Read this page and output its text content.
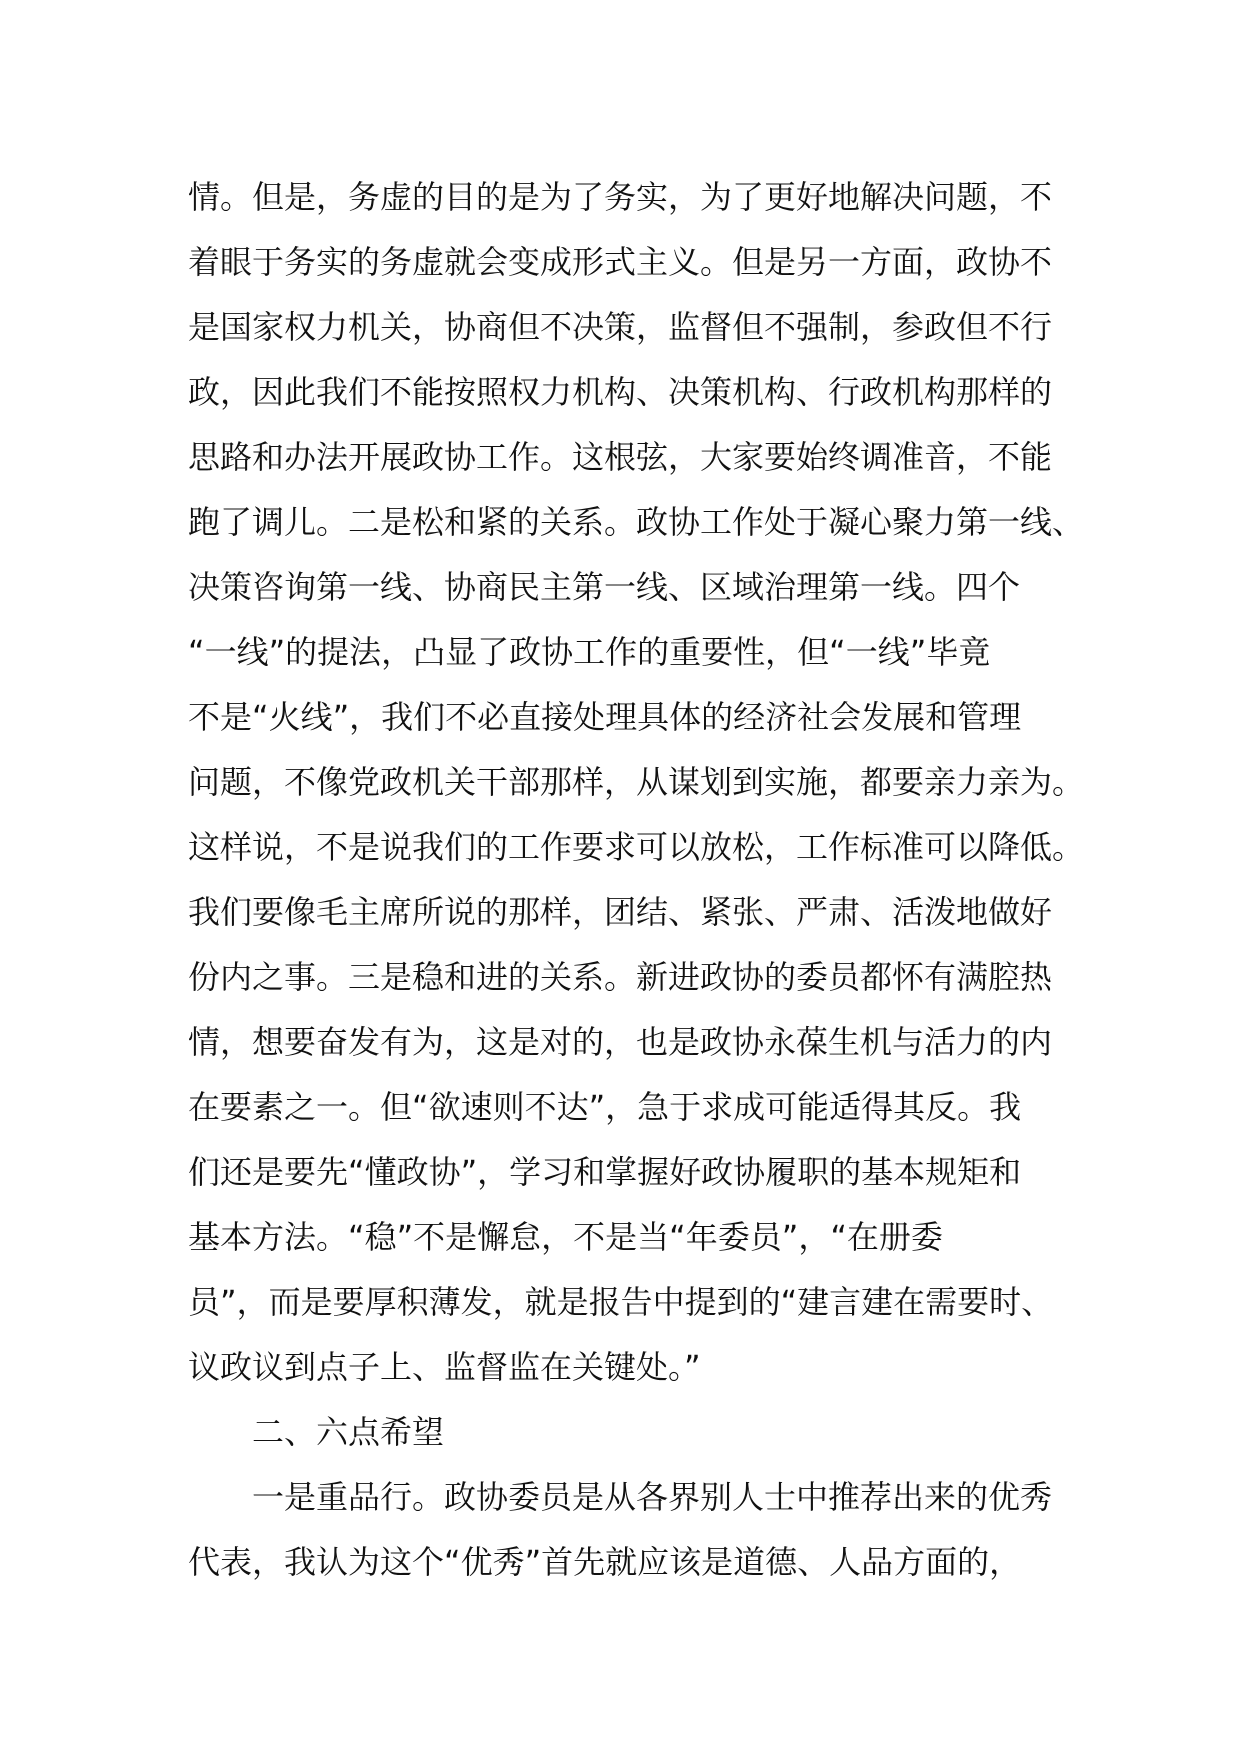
情。但是，务虚的目的是为了务实，为了更好地解决问题，不
着眼于务实的务虚就会变成形式主义。但是另一方面，政协不
是国家权力机关，协商但不决策，监督但不强制，参政但不行
政，因此我们不能按照权力机构、决策机构、行政机构那样的
思路和办法开展政协工作。这根弦，大家要始终调准音，不能
跑了调儿。二是松和紧的关系。政协工作处于凝心聚力第一线、
决策咨询第一线、协商民主第一线、区域治理第一线。四个
“一线”的提法，凸显了政协工作的重要性，但“一线”毕竟
不是“火线”，我们不必直接处理具体的经济社会发展和管理
问题，不像党政机关干部那样，从谋划到实施，都要亲力亲为。
这样说，不是说我们的工作要求可以放松，工作标准可以降低。
我们要像毛主席所说的那样，团结、紧张、严肃、活泼地做好
份内之事。三是稳和进的关系。新进政协的委员都怀有满腔热
情，想要奋发有为，这是对的，也是政协永葆生机与活力的内
在要素之一。但“欲速则不达”，急于求成可能适得其反。我
们还是要先“懂政协”，学习和掌握好政协履职的基本规矩和
基本方法。“稳”不是懈怠，不是当“年委员”，“在册委
员”，而是要厚积薄发，就是报告中提到的“建言建在需要时、
议政议到点子上、监督监在关键处。”
二、六点希望
一是重品行。政协委员是从各界别人士中推荐出来的优秀
代表，我认为这个“优秀”首先就应该是道德、人品方面的，
